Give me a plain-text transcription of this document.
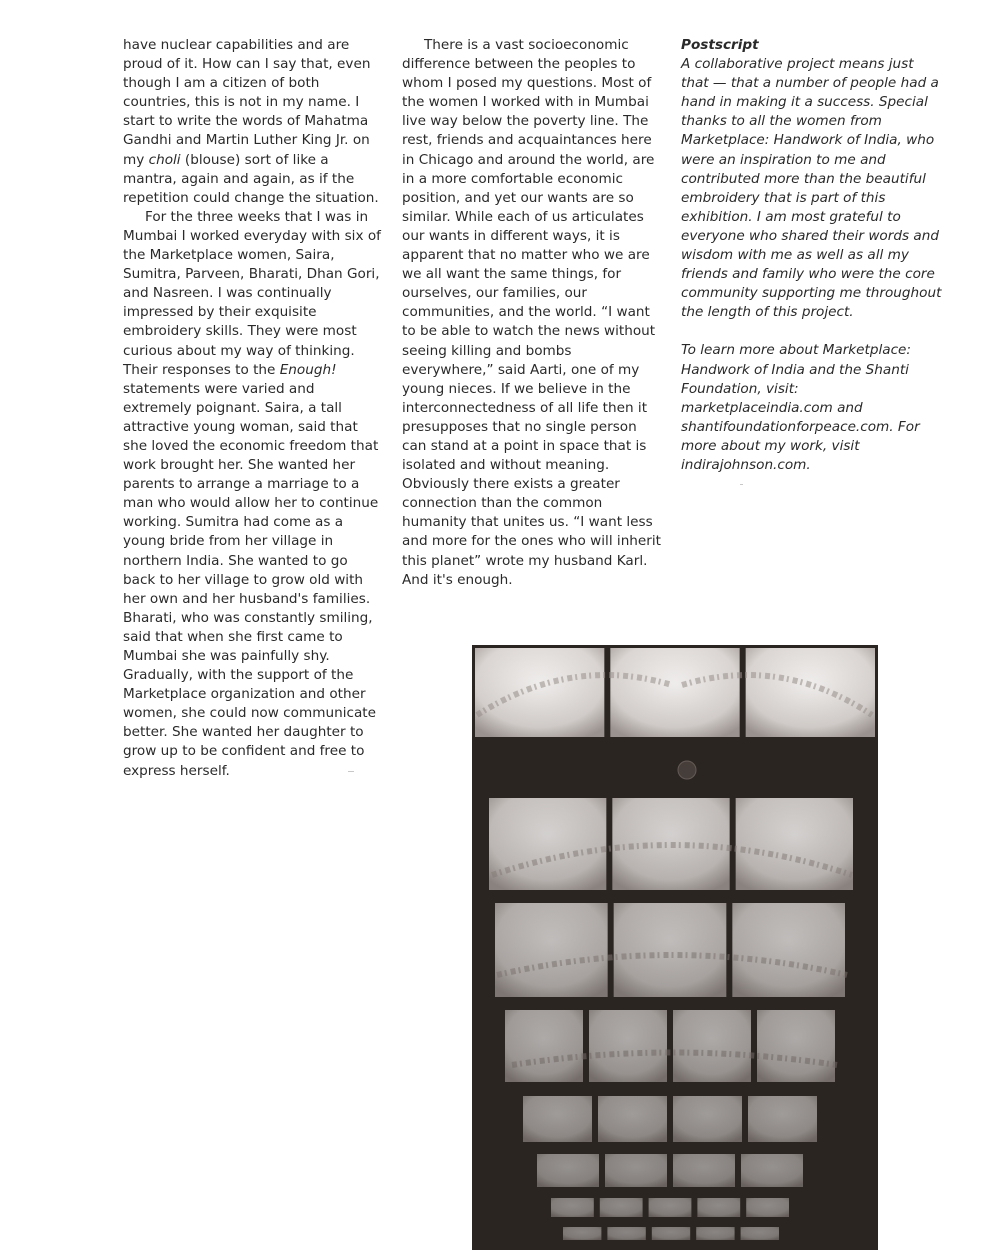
have nuclear capabilities and are proud of it. How can I say that, even though I am a citizen of both countries, this is not in my name. I start to write the words of Mahatma Gandhi and Martin Luther King Jr. on my choli (blouse) sort of like a mantra, again and again, as if the repetition could change the situation.

For the three weeks that I was in Mumbai I worked everyday with six of the Marketplace women, Saira, Sumitra, Parveen, Bharati, Dhan Gori, and Nasreen. I was continually impressed by their exquisite embroidery skills. They were most curious about my way of thinking. Their responses to the Enough! statements were varied and extremely poignant. Saira, a tall attractive young woman, said that she loved the economic freedom that work brought her. She wanted her parents to arrange a marriage to a man who would allow her to continue working. Sumitra had come as a young bride from her village in northern India. She wanted to go back to her village to grow old with her own and her husband's families. Bharati, who was constantly smiling, said that when she first came to Mumbai she was painfully shy. Gradually, with the support of the Marketplace organization and other women, she could now communicate better. She wanted her daughter to grow up to be confident and free to express herself.

There is a vast socioeconomic difference between the peoples to whom I posed my questions. Most of the women I worked with in Mumbai live way below the poverty line. The rest, friends and acquaintances here in Chicago and around the world, are in a more comfortable economic position, and yet our wants are so similar. While each of us articulates our wants in different ways, it is apparent that no matter who we are we all want the same things, for ourselves, our families, our communities, and the world. “I want to be able to watch the news without seeing killing and bombs everywhere,” said Aarti, one of my young nieces. If we believe in the interconnectedness of all life then it presupposes that no single person can stand at a point in space that is isolated and without meaning. Obviously there exists a greater connection than the common humanity that unites us. “I want less and more for the ones who will inherit this planet” wrote my husband Karl. And it's enough.

Postscript
A collaborative project means just that — that a number of people had a hand in making it a success. Special thanks to all the women from Marketplace: Handwork of India, who were an inspiration to me and contributed more than the beautiful embroidery that is part of this exhibition. I am most grateful to everyone who shared their words and wisdom with me as well as all my friends and family who were the core community supporting me throughout the length of this project.
To learn more about Marketplace: Handwork of India and the Shanti Foundation, visit: marketplaceindia.com and shantifoundationforpeace.com. For more about my work, visit indirajohnson.com.
